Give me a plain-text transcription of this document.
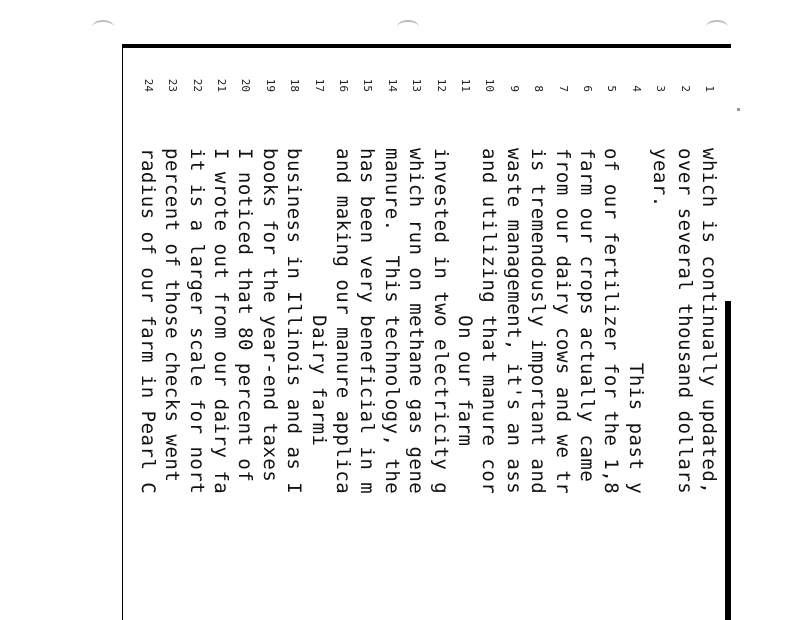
1
which is continually updated,
2
over several thousand dollars
3
year.
4
This past y
5
of our fertilizer for the 1,8
6
farm our crops actually came
7
from our dairy cows and we tr
8
is tremendously important and
9
waste management, it's an ass
10
and utilizing that manure cor
11
On our farm
12
invested in two electricity g
13
which run on methane gas gene
14
manure.  This technology, the
15
has been very beneficial in m
16
and making our manure applica
17
Dairy farmi
18
business in Illinois and as I
19
books for the year-end taxes
20
I noticed that 80 percent of
21
I wrote out from our dairy fa
22
it is a larger scale for nort
23
percent of those checks went
24
radius of our farm in Pearl C
